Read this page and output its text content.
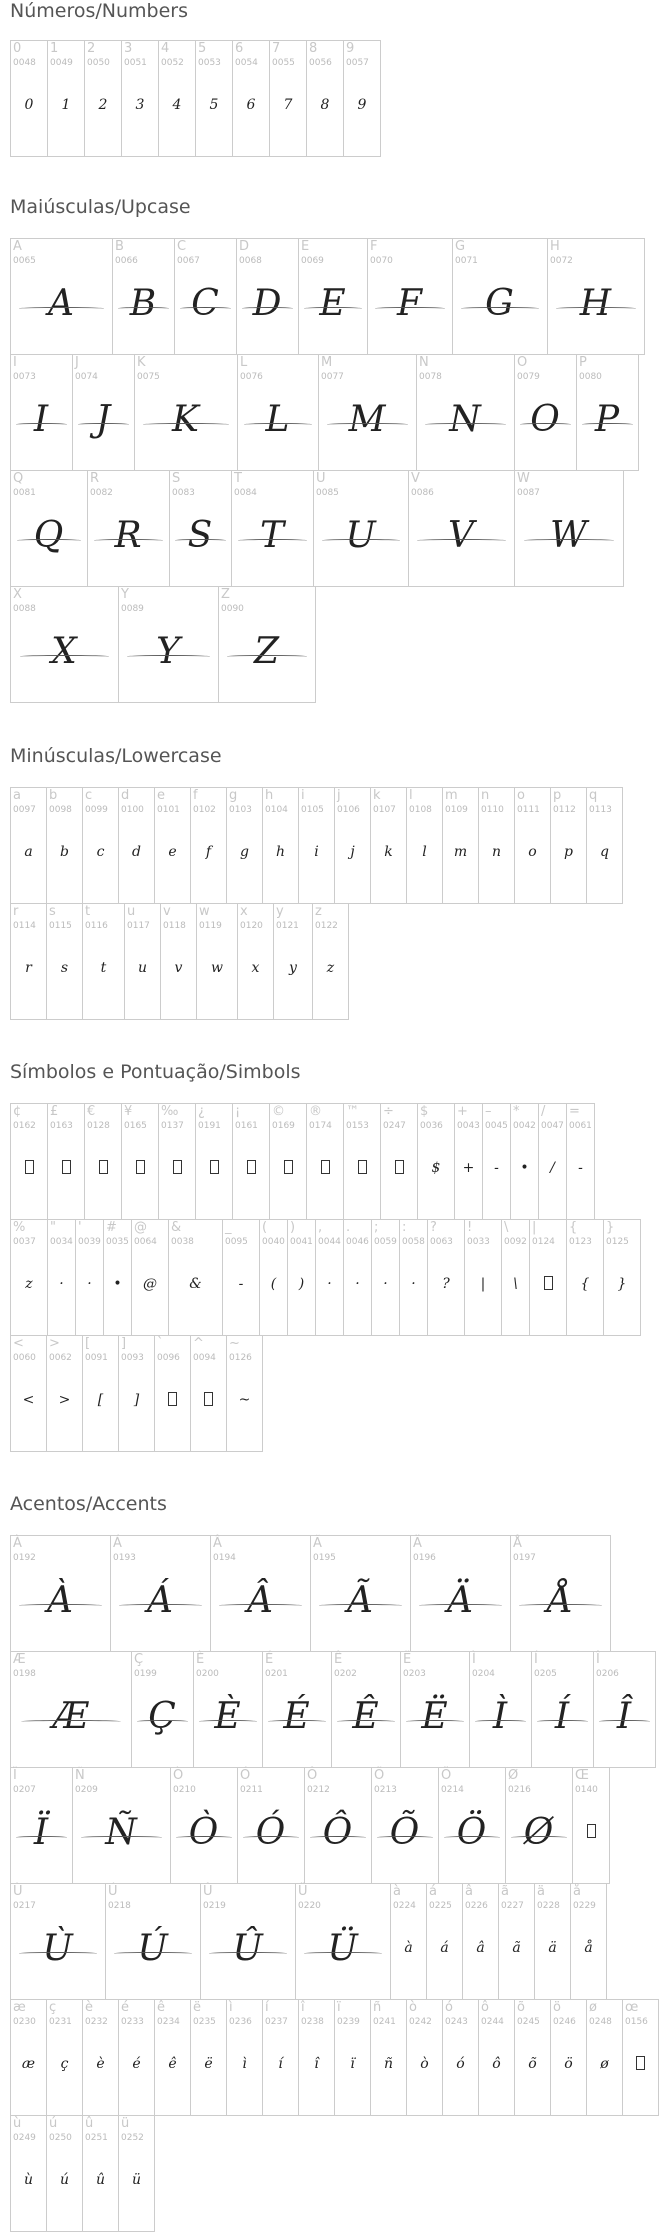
Números/Numbers
0
0048
0
1
0049
1
2
0050
2
3
0051
3
4
0052
4
5
0053
5
6
0054
6
7
0055
7
8
0056
8
9
0057
9
Maiúsculas/Upcase
A
0065
A
B
0066
B
C
0067
C
D
0068
D
E
0069
E
F
0070
F
G
0071
G
H
0072
H
I
0073
I
J
0074
J
K
0075
K
L
0076
L
M
0077
M
N
0078
N
O
0079
O
P
0080
P
Q
0081
Q
R
0082
R
S
0083
S
T
0084
T
U
0085
U
V
0086
V
W
0087
W
X
0088
X
Y
0089
Y
Z
0090
Z
Minúsculas/Lowercase
a
0097
a
b
0098
b
c
0099
c
d
0100
d
e
0101
e
f
0102
f
g
0103
g
h
0104
h
i
0105
i
j
0106
j
k
0107
k
l
0108
l
m
0109
m
n
0110
n
o
0111
o
p
0112
p
q
0113
q
r
0114
r
s
0115
s
t
0116
t
u
0117
u
v
0118
v
w
0119
w
x
0120
x
y
0121
y
z
0122
z
Símbolos e Pontuação/Simbols
¢
0162
£
0163
€
0128
¥
0165
‰
0137
¿
0191
¡
0161
©
0169
®
0174
™
0153
÷
0247
$
0036
$
+
0043
+
–
0045
-
*
0042
•
/
0047
/
=
0061
-
%
0037
z
"
0034
·
'
0039
·
#
0035
•
@
0064
@
&
0038
&
_
0095
-
(
0040
(
)
0041
)
,
0044
·
.
0046
·
;
0059
·
:
0058
·
?
0063
?
!
0033
|
\
0092
\
|
0124
{
0123
{
}
0125
}
<
0060
<
>
0062
>
[
0091
[
]
0093
]
`
0096
^
0094
~
0126
~
Acentos/Accents
À
0192
À
Á
0193
Á
Â
0194
Â
Ã
0195
Ã
Ä
0196
Ä
Å
0197
Å
Æ
0198
Æ
Ç
0199
Ç
È
0200
È
É
0201
É
Ê
0202
Ê
Ë
0203
Ë
Ì
0204
Ì
Í
0205
Í
Î
0206
Î
Ï
0207
Ï
Ñ
0209
Ñ
Ò
0210
Ò
Ó
0211
Ó
Ô
0212
Ô
Õ
0213
Õ
Ö
0214
Ö
Ø
0216
Ø
Œ
0140
Ù
0217
Ù
Ú
0218
Ú
Û
0219
Û
Ü
0220
Ü
à
0224
à
á
0225
á
â
0226
â
ã
0227
ã
ä
0228
ä
å
0229
å
æ
0230
æ
ç
0231
ç
è
0232
è
é
0233
é
ê
0234
ê
ë
0235
ë
ì
0236
ì
í
0237
í
î
0238
î
ï
0239
ï
ñ
0241
ñ
ò
0242
ò
ó
0243
ó
ô
0244
ô
õ
0245
õ
ö
0246
ö
ø
0248
ø
œ
0156
ù
0249
ù
ú
0250
ú
û
0251
û
ü
0252
ü
